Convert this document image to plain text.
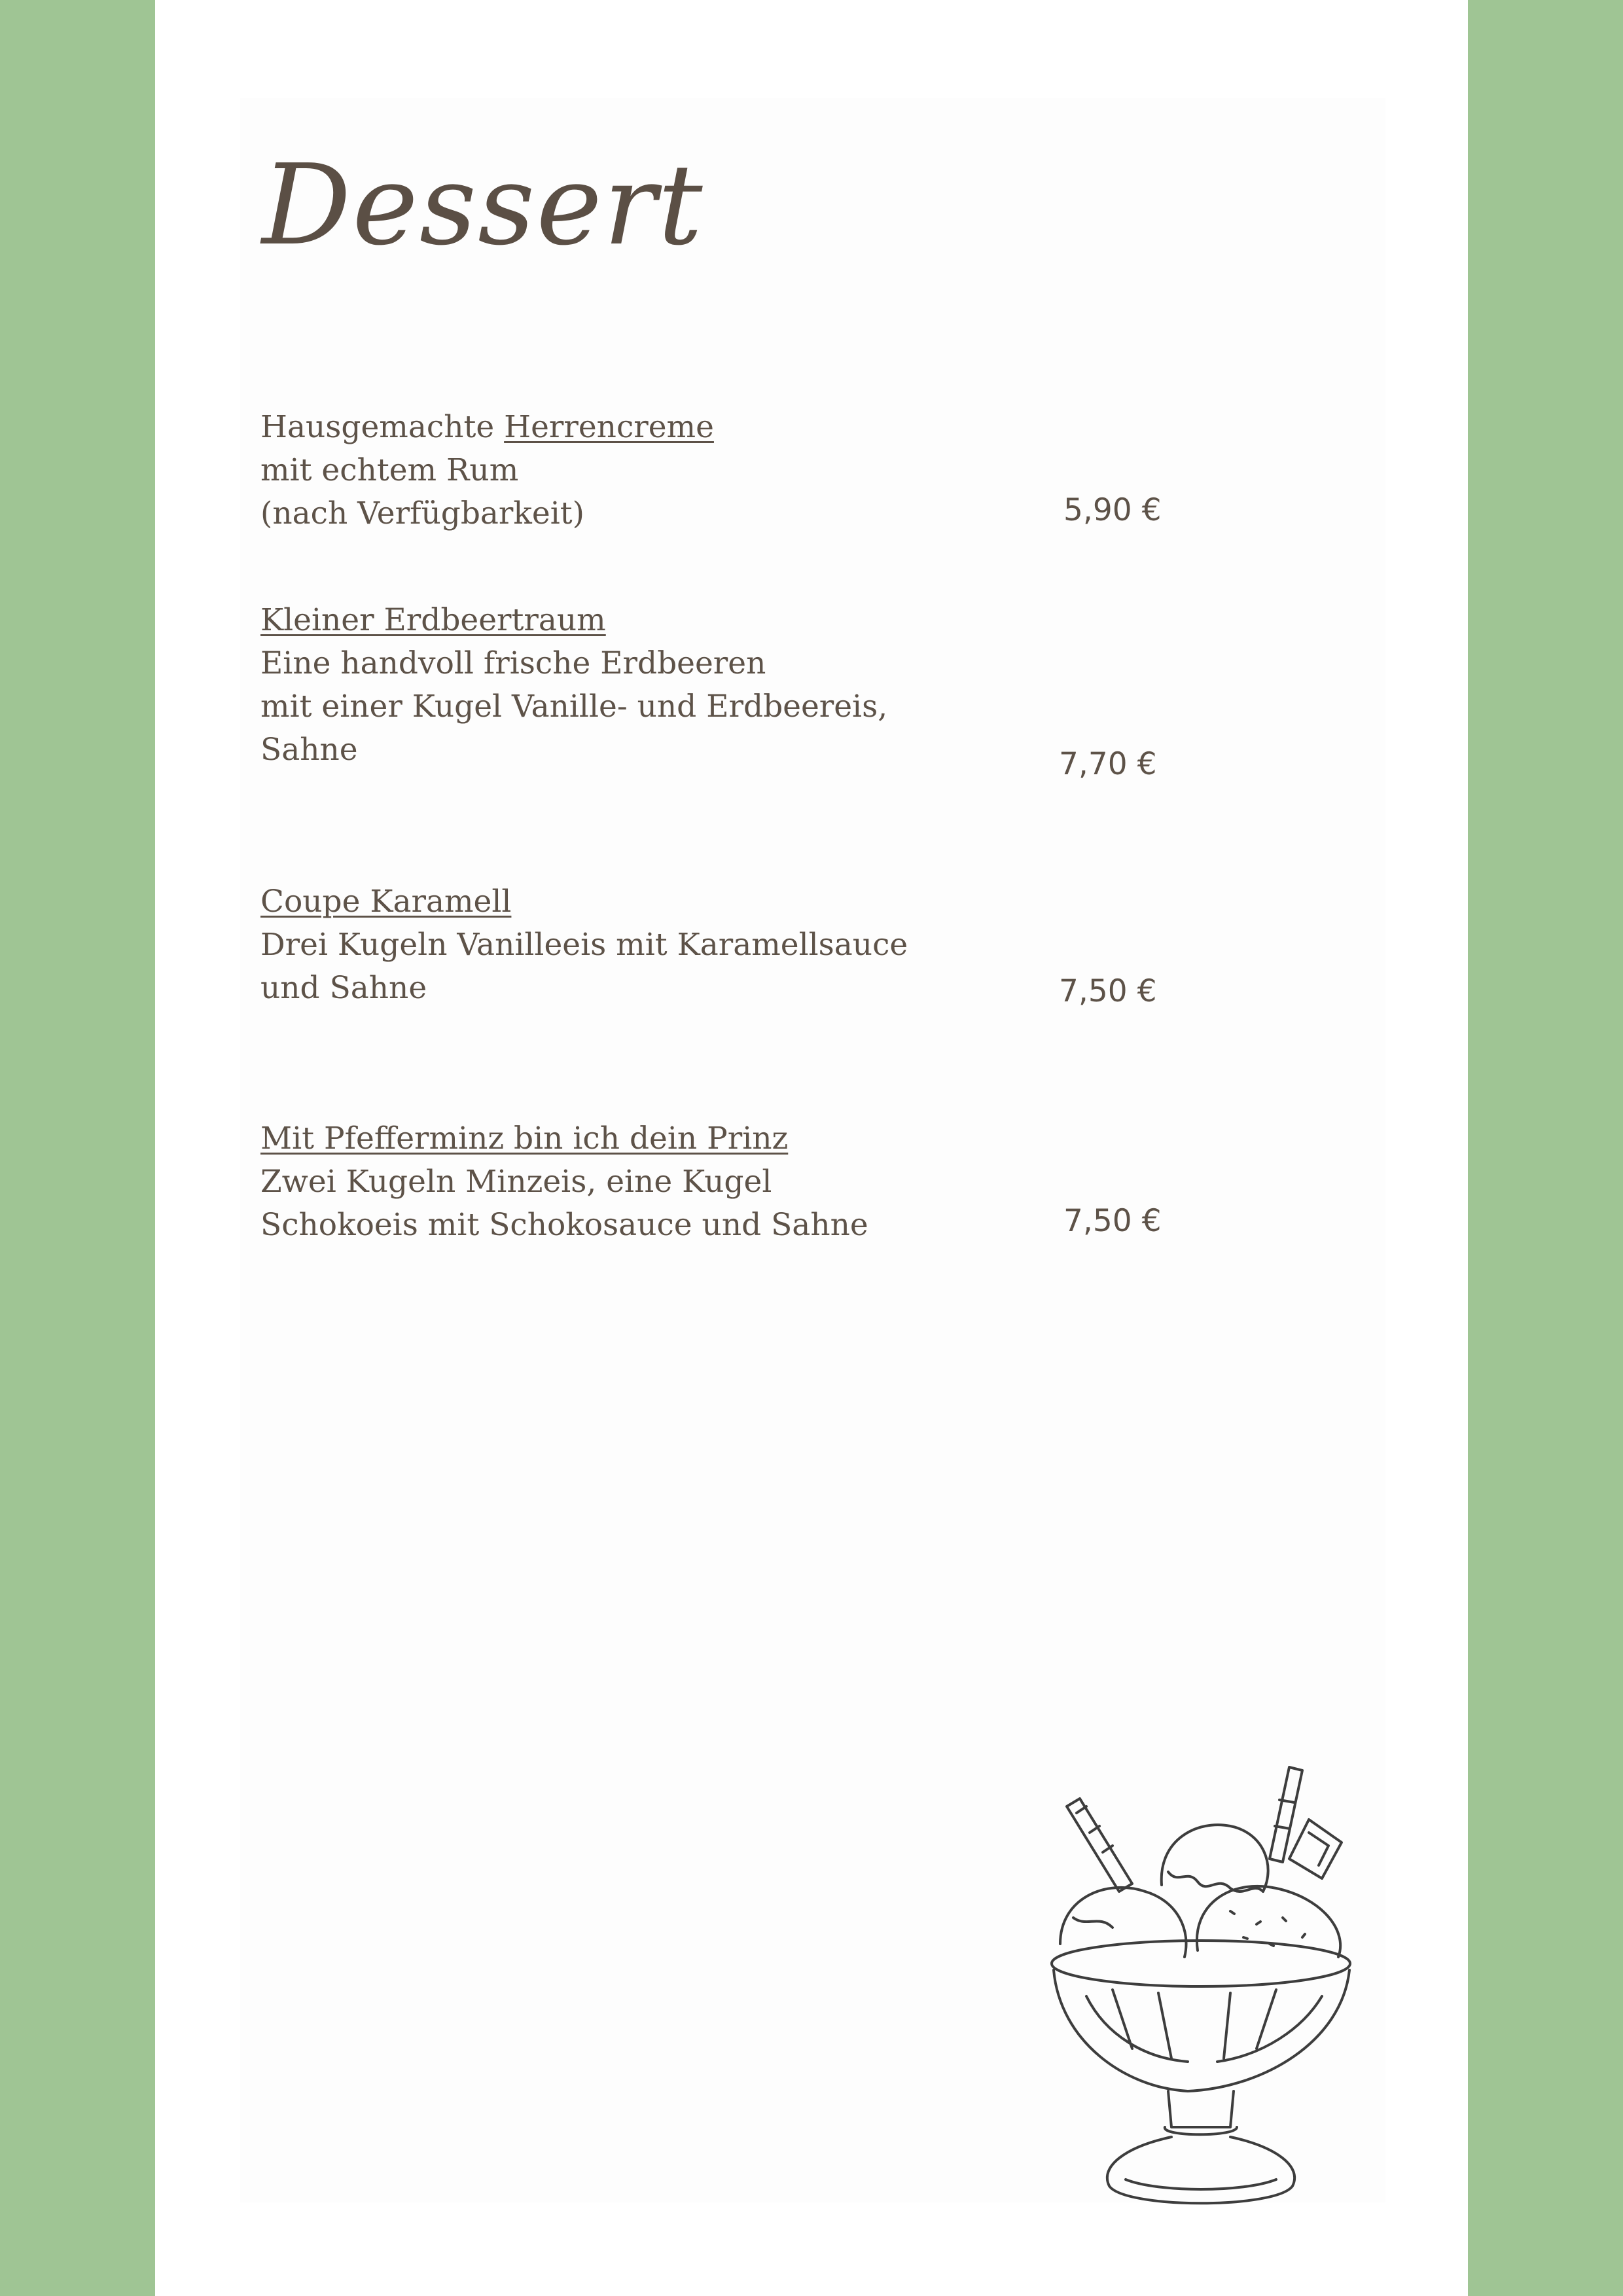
Dessert
Hausgemachte Herrencreme
mit echtem Rum
(nach Verfügbarkeit)	5,90 €
Kleiner Erdbeertraum
Eine handvoll frische Erdbeeren
mit einer Kugel Vanille- und Erdbeereis,
Sahne	7,70 €
Coupe Karamell
Drei Kugeln Vanilleeis mit Karamellsauce
und Sahne	7,50 €
Mit Pfefferminz bin ich dein Prinz
Zwei Kugeln Minzeis, eine Kugel
Schokoeis mit Schokosauce und Sahne	7,50 €
